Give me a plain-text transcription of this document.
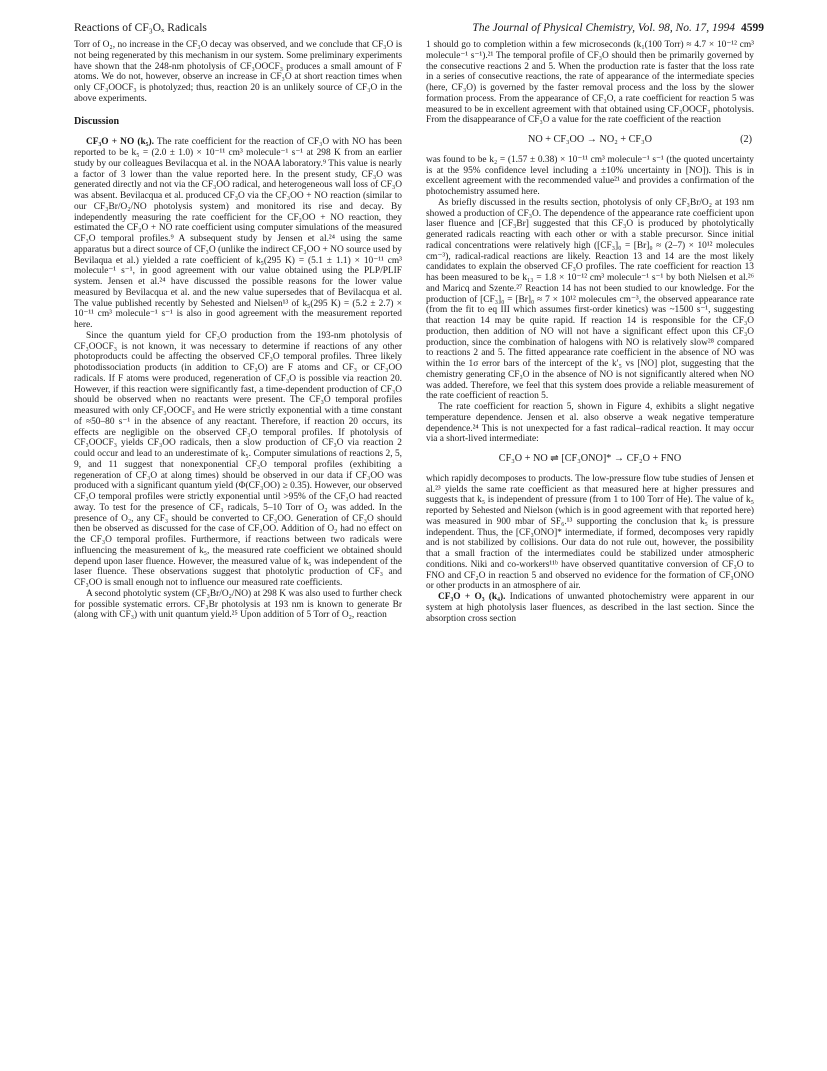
Reactions of CF₃Oₓ Radicals	The Journal of Physical Chemistry, Vol. 98, No. 17, 1994 4599

Torr of O₂, no increase in the CF₃O decay was observed, and we conclude that CF₃O is not being regenerated by this mechanism in our system. Some preliminary experiments have shown that the 248-nm photolysis of CF₃OOCF₃ produces a small amount of F atoms. We do not, however, observe an increase in CF₃O at short reaction times when only CF₃OOCF₃ is photolyzed; thus, reaction 20 is an unlikely source of CF₃O in the above experiments.

Discussion

CF₃O + NO (k₅). The rate coefficient for the reaction of CF₃O with NO has been reported to be k₅ = (2.0 ± 1.0) × 10⁻¹¹ cm³ molecule⁻¹ s⁻¹ at 298 K from an earlier study by our colleagues Bevilacqua et al. in the NOAA laboratory.⁹ This value is nearly a factor of 3 lower than the value reported here. In the present study, CF₃O was generated directly and not via the CF₃OO radical, and heterogeneous wall loss of CF₃O was absent. Bevilacqua et al. produced CF₃O via the CF₃OO + NO reaction (similar to our CF₃Br/O₂/NO photolysis system) and monitored its rise and decay. By independently measuring the rate coefficient for the CF₃OO + NO reaction, they estimated the CF₃O + NO rate coefficient using computer simulations of the measured CF₃O temporal profiles.⁹ A subsequent study by Jensen et al.²⁴ using the same apparatus but a direct source of CF₃O (unlike the indirect CF₃OO + NO source used by Bevilaqua et al.) yielded a rate coefficient of k₅(295 K) = (5.1 ± 1.1) × 10⁻¹¹ cm³ molecule⁻¹ s⁻¹, in good agreement with our value obtained using the PLP/PLIF system. Jensen et al.²⁴ have discussed the possible reasons for the lower value measured by Bevilacqua et al. and the new value supersedes that of Bevilacqua et al. The value published recently by Sehested and Nielsen¹³ of k₅(295 K) = (5.2 ± 2.7) × 10⁻¹¹ cm³ molecule⁻¹ s⁻¹ is also in good agreement with the measurement reported here.

Since the quantum yield for CF₃O production from the 193-nm photolysis of CF₃OOCF₃ is not known, it was necessary to determine if reactions of any other photoproducts could be affecting the observed CF₃O temporal profiles. Three likely photodissociation products (in addition to CF₃O) are F atoms and CF₃ or CF₃OO radicals. If F atoms were produced, regeneration of CF₃O is possible via reaction 20. However, if this reaction were significantly fast, a time-dependent production of CF₃O should be observed when no reactants were present. The CF₃O temporal profiles measured with only CF₃OOCF₃ and He were strictly exponential with a time constant of ≈50–80 s⁻¹ in the absence of any reactant. Therefore, if reaction 20 occurs, its effects are negligible on the observed CF₃O temporal profiles. If photolysis of CF₃OOCF₃ yields CF₃OO radicals, then a slow production of CF₃O via reaction 2 could occur and lead to an underestimate of k₅. Computer simulations of reactions 2, 5, 9, and 11 suggest that nonexponential CF₃O temporal profiles (exhibiting a regeneration of CF₃O at along times) should be observed in our data if CF₃OO was produced with a significant quantum yield (Φ(CF₃OO) ≥ 0.35). However, our observed CF₃O temporal profiles were strictly exponential until >95% of the CF₃O had reacted away. To test for the presence of CF₃ radicals, 5–10 Torr of O₂ was added. In the presence of O₂, any CF₃ should be converted to CF₃OO. Generation of CF₃O should then be observed as discussed for the case of CF₃OO. Addition of O₂ had no effect on the CF₃O temporal profiles. Furthermore, if reactions between two radicals were influencing the measurement of k₅, the measured rate coefficient we obtained should depend upon laser fluence. However, the measured value of k₅ was independent of the laser fluence. These observations suggest that photolytic production of CF₃ and CF₃OO is small enough not to influence our measured rate coefficients.

A second photolytic system (CF₃Br/O₂/NO) at 298 K was also used to further check for possible systematic errors. CF₃Br photolysis at 193 nm is known to generate Br (along with CF₃) with unit quantum yield.²⁵ Upon addition of 5 Torr of O₂, reaction

1 should go to completion within a few microseconds (k₁(100 Torr) ≈ 4.7 × 10⁻¹² cm³ molecule⁻¹ s⁻¹).²¹ The temporal profile of CF₃O should then be primarily governed by the consecutive reactions 2 and 5. When the production rate is faster that the loss rate in a series of consecutive reactions, the rate of appearance of the intermediate species (here, CF₃O) is governed by the faster removal process and the loss by the slower formation process. From the appearance of CF₃O, a rate coefficient for reaction 5 was measured to be in excellent agreement with that obtained using CF₃OOCF₃ photolysis. From the disappearance of CF₃O a value for the rate coefficient of the reaction

NO + CF₃OO → NO₂ + CF₃O	(2)

was found to be k₂ = (1.57 ± 0.38) × 10⁻¹¹ cm³ molecule⁻¹ s⁻¹ (the quoted uncertainty is at the 95% confidence level including a ±10% uncertainty in [NO]). This is in excellent agreement with the recommended value²¹ and provides a confirmation of the photochemistry assumed here.

As briefly discussed in the results section, photolysis of only CF₃Br/O₂ at 193 nm showed a production of CF₃O. The dependence of the appearance rate coefficient upon laser fluence and [CF₃Br] suggested that this CF₃O is produced by photolytically generated radicals reacting with each other or with a stable precursor. Since initial radical concentrations were relatively high ([CF₃]₀ = [Br]₀ ≈ (2–7) × 10¹² molecules cm⁻³), radical-radical reactions are likely. Reaction 13 and 14 are the most likely candidates to explain the observed CF₃O profiles. The rate coefficient for reaction 13 has been measured to be k₁₃ = 1.8 × 10⁻¹² cm³ molecule⁻¹ s⁻¹ by both Nielsen et al.²⁶ and Maricq and Szente.²⁷ Reaction 14 has not been studied to our knowledge. For the production of [CF₃]₀ = [Br]₀ ≈ 7 × 10¹² molecules cm⁻³, the observed appearance rate (from the fit to eq III which assumes first-order kinetics) was ~1500 s⁻¹, suggesting that reaction 14 may be quite rapid. If reaction 14 is responsible for the CF₃O production, then addition of NO will not have a significant effect upon this CF₃O production, since the combination of halogens with NO is relatively slow²⁸ compared to reactions 2 and 5. The fitted appearance rate coefficient in the absence of NO was within the 1σ error bars of the intercept of the k′₅ vs [NO] plot, suggesting that the chemistry generating CF₃O in the absence of NO is not significantly altered when NO was added. Therefore, we feel that this system does provide a reliable measurement of the rate coefficient of reaction 5.

The rate coefficient for reaction 5, shown in Figure 4, exhibits a slight negative temperature dependence. Jensen et al. also observe a weak negative temperature dependence.²⁴ This is not unexpected for a fast radical–radical reaction. It may occur via a short-lived intermediate:

CF₃O + NO ⇌ [CF₃ONO]* → CF₂O + FNO

which rapidly decomposes to products. The low-pressure flow tube studies of Jensen et al.²³ yields the same rate coefficient as that measured here at higher pressures and suggests that k₅ is independent of pressure (from 1 to 100 Torr of He). The value of k₅ reported by Sehested and Nielson (which is in good agreement with that reported here) was measured in 900 mbar of SF₆.¹³ supporting the conclusion that k₅ is pressure independent. Thus, the [CF₃ONO]* intermediate, if formed, decomposes very rapidly and is not stabilized by collisions. Our data do not rule out, however, the possibility that a small fraction of the intermediates could be stabilized under atmospheric conditions. Niki and co-workers¹¹ᵇ have observed quantitative conversion of CF₃O to FNO and CF₂O in reaction 5 and observed no evidence for the formation of CF₃ONO or other products in an atmosphere of air.

CF₃O + O₃ (k₄). Indications of unwanted photochemistry were apparent in our system at high photolysis laser fluences, as described in the last section. Since the absorption cross section
